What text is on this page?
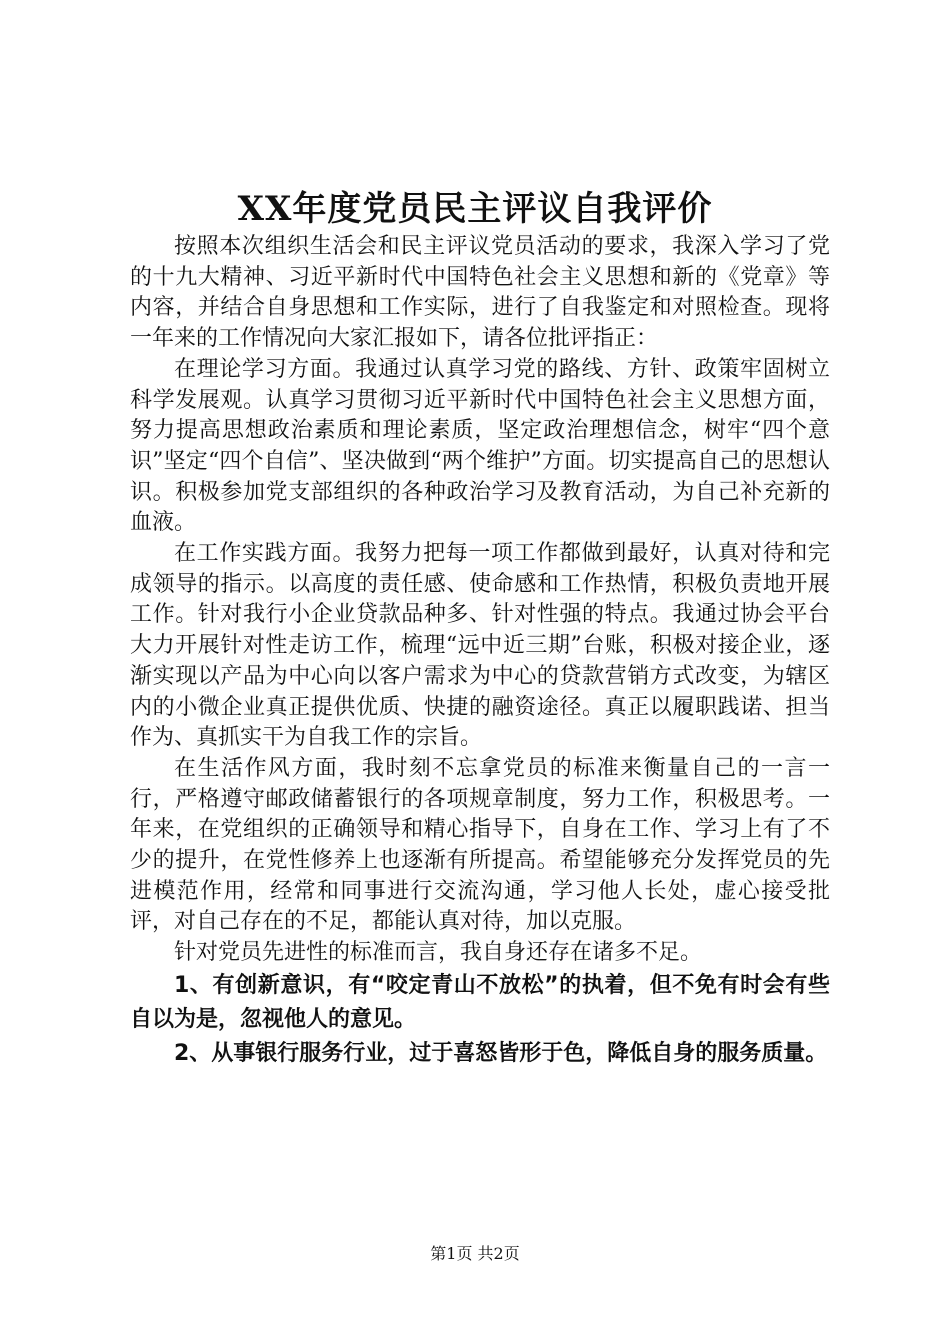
XX年度党员民主评议自我评价

按照本次组织生活会和民主评议党员活动的要求，我深入学习了党的十九大精神、习近平新时代中国特色社会主义思想和新的《党章》等内容，并结合自身思想和工作实际，进行了自我鉴定和对照检查。现将一年来的工作情况向大家汇报如下，请各位批评指正：

在理论学习方面。我通过认真学习党的路线、方针、政策牢固树立科学发展观。认真学习贯彻习近平新时代中国特色社会主义思想方面，努力提高思想政治素质和理论素质，坚定政治理想信念，树牢“四个意识”坚定“四个自信”、坚决做到“两个维护”方面。切实提高自己的思想认识。积极参加党支部组织的各种政治学习及教育活动，为自己补充新的血液。

在工作实践方面。我努力把每一项工作都做到最好，认真对待和完成领导的指示。以高度的责任感、使命感和工作热情，积极负责地开展工作。针对我行小企业贷款品种多、针对性强的特点。我通过协会平台大力开展针对性走访工作，梳理“远中近三期”台账，积极对接企业，逐渐实现以产品为中心向以客户需求为中心的贷款营销方式改变，为辖区内的小微企业真正提供优质、快捷的融资途径。真正以履职践诺、担当作为、真抓实干为自我工作的宗旨。

在生活作风方面，我时刻不忘拿党员的标准来衡量自己的一言一行，严格遵守邮政储蓄银行的各项规章制度，努力工作，积极思考。一年来，在党组织的正确领导和精心指导下，自身在工作、学习上有了不少的提升，在党性修养上也逐渐有所提高。希望能够充分发挥党员的先进模范作用，经常和同事进行交流沟通，学习他人长处，虚心接受批评，对自己存在的不足，都能认真对待，加以克服。

针对党员先进性的标准而言，我自身还存在诸多不足。

1、有创新意识，有“咬定青山不放松”的执着，但不免有时会有些自以为是，忽视他人的意见。

2、从事银行服务行业，过于喜怒皆形于色，降低自身的服务质量。

第1页 共2页
